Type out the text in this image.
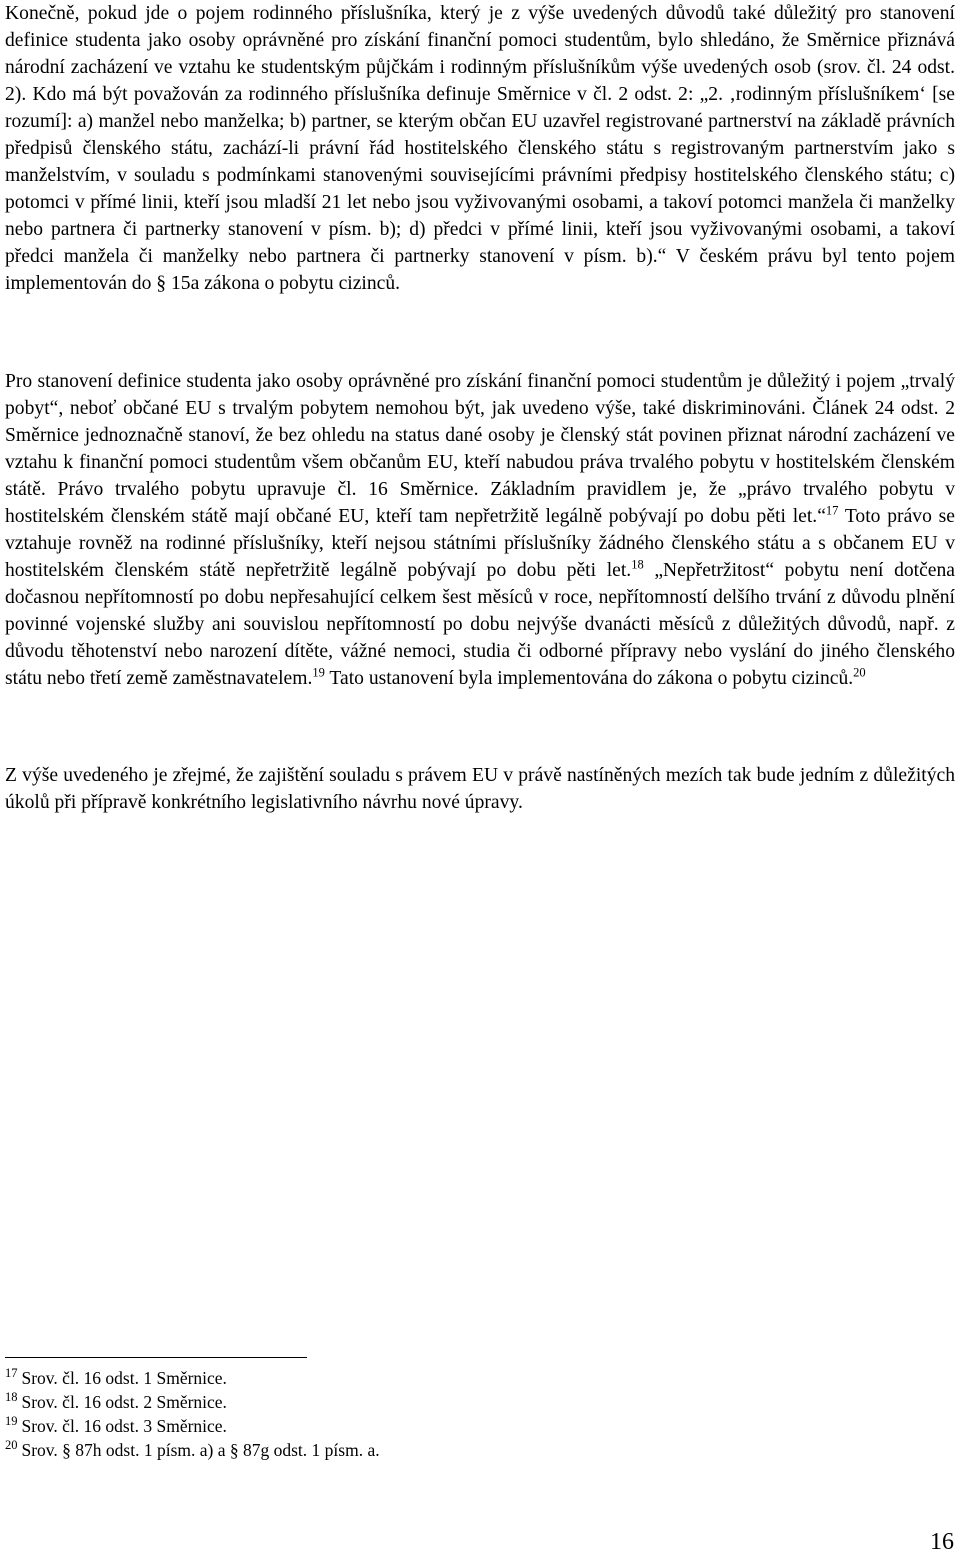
Konečně, pokud jde o pojem rodinného příslušníka, který je z výše uvedených důvodů také důležitý pro stanovení definice studenta jako osoby oprávněné pro získání finanční pomoci studentům, bylo shledáno, že Směrnice přiznává národní zacházení ve vztahu ke studentským půjčkám i rodinným příslušníkům výše uvedených osob (srov. čl. 24 odst. 2). Kdo má být považován za rodinného příslušníka definuje Směrnice v čl. 2 odst. 2: „2. ‚rodinným příslušníkem‘ [se rozumí]: a) manžel nebo manželka; b) partner, se kterým občan EU uzavřel registrované partnerství na základě právních předpisů členského státu, zachází-li právní řád hostitelského členského státu s registrovaným partnerstvím jako s manželstvím, v souladu s podmínkami stanovenými souvisejícími právními předpisy hostitelského členského státu; c) potomci v přímé linii, kteří jsou mladší 21 let nebo jsou vyživovanými osobami, a takoví potomci manžela či manželky nebo partnera či partnerky stanovení v písm. b); d) předci v přímé linii, kteří jsou vyživovanými osobami, a takoví předci manžela či manželky nebo partnera či partnerky stanovení v písm. b).“ V českém právu byl tento pojem implementován do § 15a zákona o pobytu cizinců.

Pro stanovení definice studenta jako osoby oprávněné pro získání finanční pomoci studentům je důležitý i pojem „trvalý pobyt“, neboť občané EU s trvalým pobytem nemohou být, jak uvedeno výše, také diskriminováni. Článek 24 odst. 2 Směrnice jednoznačně stanoví, že bez ohledu na status dané osoby je členský stát povinen přiznat národní zacházení ve vztahu k finanční pomoci studentům všem občanům EU, kteří nabudou práva trvalého pobytu v hostitelském členském státě. Právo trvalého pobytu upravuje čl. 16 Směrnice. Základním pravidlem je, že „právo trvalého pobytu v hostitelském členském státě mají občané EU, kteří tam nepřetržitě legálně pobývají po dobu pěti let.“$^{17}$ Toto právo se vztahuje rovněž na rodinné příslušníky, kteří nejsou státními příslušníky žádného členského státu a s občanem EU v hostitelském členském státě nepřetržitě legálně pobývají po dobu pěti let.$^{18}$ „Nepřetržitost“ pobytu není dotčena dočasnou nepřítomností po dobu nepřesahující celkem šest měsíců v roce, nepřítomností delšího trvání z důvodu plnění povinné vojenské služby ani souvislou nepřítomností po dobu nejvýše dvanácti měsíců z důležitých důvodů, např. z důvodu těhotenství nebo narození dítěte, vážné nemoci, studia či odborné přípravy nebo vyslání do jiného členského státu nebo třetí země zaměstnavatelem.$^{19}$ Tato ustanovení byla implementována do zákona o pobytu cizinců.$^{20}$

Z výše uvedeného je zřejmé, že zajištění souladu s právem EU v právě nastíněných mezích tak bude jedním z důležitých úkolů při přípravě konkrétního legislativního návrhu nové úpravy.

$^{17}$ Srov. čl. 16 odst. 1 Směrnice.
$^{18}$ Srov. čl. 16 odst. 2 Směrnice.
$^{19}$ Srov. čl. 16 odst. 3 Směrnice.
$^{20}$ Srov. § 87h odst. 1 písm. a) a § 87g odst. 1 písm. a.
16
